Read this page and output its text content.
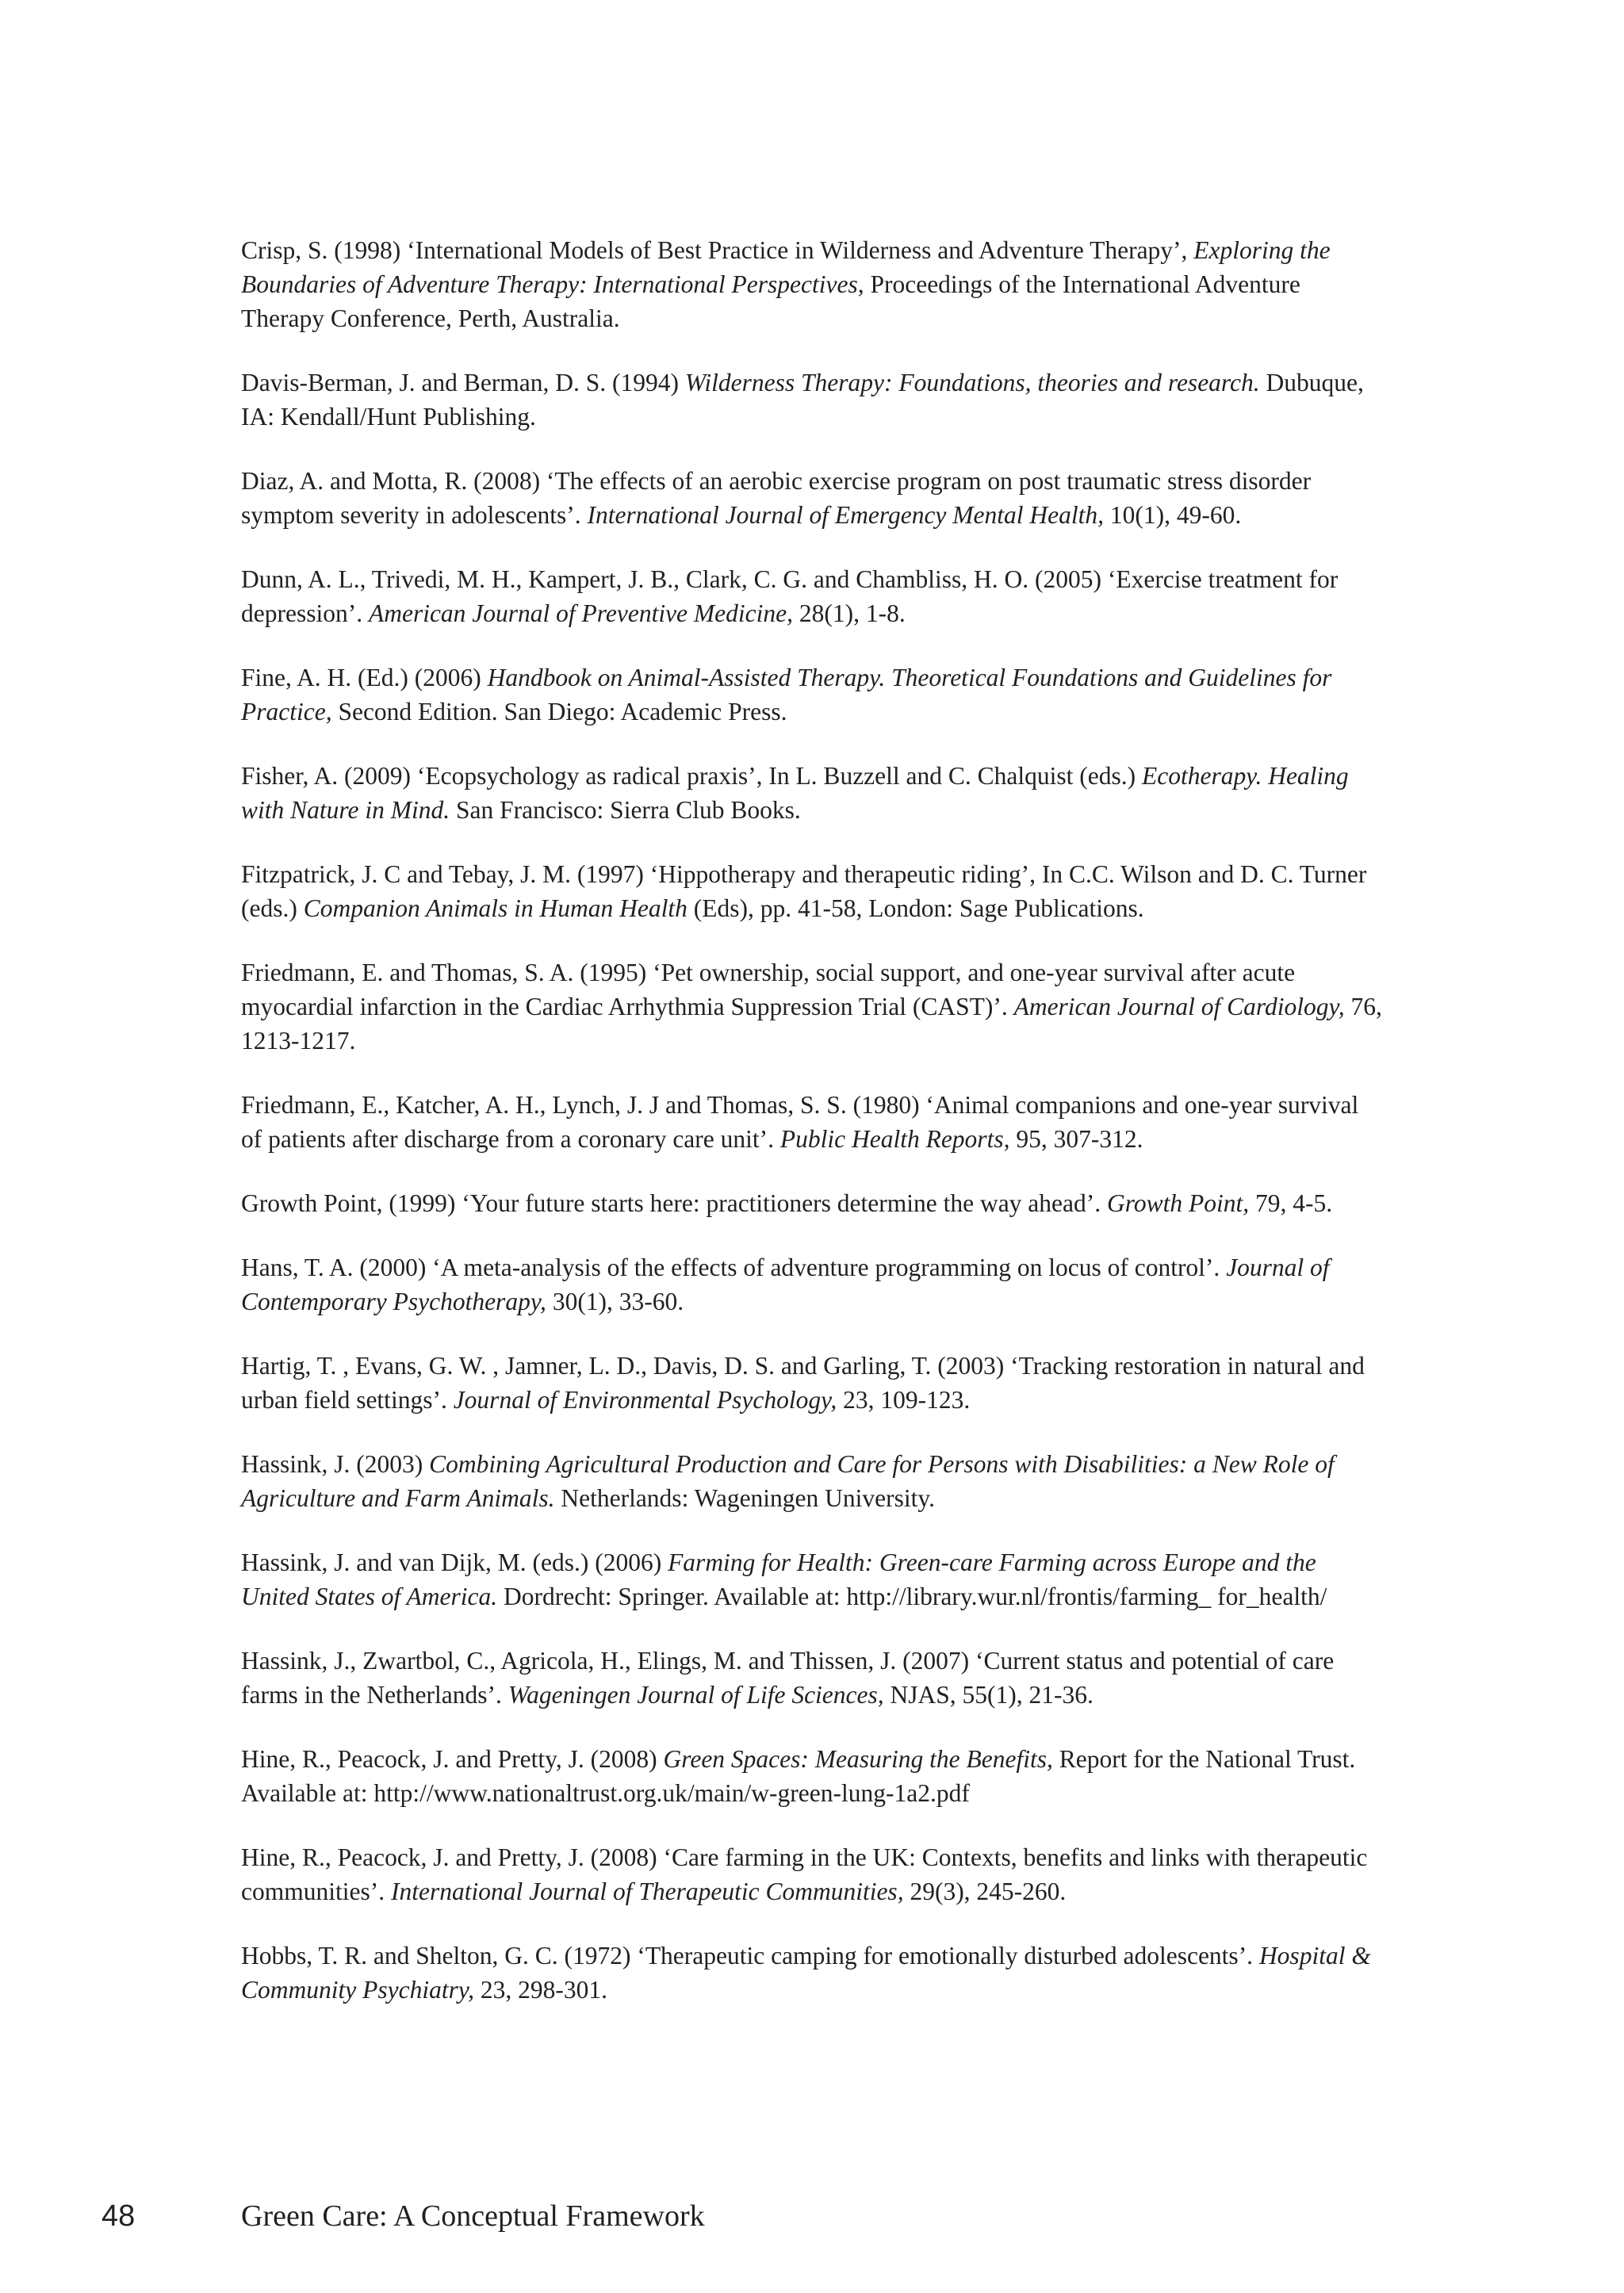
Crisp, S. (1998) ‘International Models of Best Practice in Wilderness and Adventure Therapy’, Exploring the Boundaries of Adventure Therapy: International Perspectives, Proceedings of the International Adventure Therapy Conference, Perth, Australia.
Davis-Berman, J. and Berman, D. S. (1994) Wilderness Therapy: Foundations, theories and research. Dubuque, IA: Kendall/Hunt Publishing.
Diaz, A. and Motta, R. (2008) ‘The effects of an aerobic exercise program on post traumatic stress disorder symptom severity in adolescents’. International Journal of Emergency Mental Health, 10(1), 49-60.
Dunn, A. L., Trivedi, M. H., Kampert, J. B., Clark, C. G. and Chambliss, H. O. (2005) ‘Exercise treatment for depression’. American Journal of Preventive Medicine, 28(1), 1-8.
Fine, A. H. (Ed.) (2006) Handbook on Animal-Assisted Therapy. Theoretical Foundations and Guidelines for Practice, Second Edition. San Diego: Academic Press.
Fisher, A. (2009) ‘Ecopsychology as radical praxis’, In L. Buzzell and C. Chalquist (eds.) Ecotherapy. Healing with Nature in Mind. San Francisco: Sierra Club Books.
Fitzpatrick, J. C and Tebay, J. M. (1997) ‘Hippotherapy and therapeutic riding’, In C.C. Wilson and D. C. Turner (eds.) Companion Animals in Human Health (Eds), pp. 41-58, London: Sage Publications.
Friedmann, E. and Thomas, S. A. (1995) ‘Pet ownership, social support, and one-year survival after acute myocardial infarction in the Cardiac Arrhythmia Suppression Trial (CAST)’. American Journal of Cardiology, 76, 1213-1217.
Friedmann, E., Katcher, A. H., Lynch, J. J and Thomas, S. S. (1980) ‘Animal companions and one-year survival of patients after discharge from a coronary care unit’. Public Health Reports, 95, 307-312.
Growth Point, (1999) ‘Your future starts here: practitioners determine the way ahead’. Growth Point, 79, 4-5.
Hans, T. A. (2000) ‘A meta-analysis of the effects of adventure programming on locus of control’. Journal of Contemporary Psychotherapy, 30(1), 33-60.
Hartig, T. , Evans, G. W. , Jamner, L. D., Davis, D. S. and Garling, T. (2003) ‘Tracking restoration in natural and urban field settings’. Journal of Environmental Psychology, 23, 109-123.
Hassink, J. (2003) Combining Agricultural Production and Care for Persons with Disabilities: a New Role of Agriculture and Farm Animals. Netherlands: Wageningen University.
Hassink, J. and van Dijk, M. (eds.) (2006) Farming for Health: Green-care Farming across Europe and the United States of America. Dordrecht: Springer. Available at: http://library.wur.nl/frontis/farming_ for_health/
Hassink, J., Zwartbol, C., Agricola, H., Elings, M. and Thissen, J. (2007) ‘Current status and potential of care farms in the Netherlands’. Wageningen Journal of Life Sciences, NJAS, 55(1), 21-36.
Hine, R., Peacock, J. and Pretty, J. (2008) Green Spaces: Measuring the Benefits, Report for the National Trust. Available at: http://www.nationaltrust.org.uk/main/w-green-lung-1a2.pdf
Hine, R., Peacock, J. and Pretty, J. (2008) ‘Care farming in the UK: Contexts, benefits and links with therapeutic communities’. International Journal of Therapeutic Communities, 29(3), 245-260.
Hobbs, T. R. and Shelton, G. C. (1972) ‘Therapeutic camping for emotionally disturbed adolescents’. Hospital & Community Psychiatry, 23, 298-301.
48	Green Care: A Conceptual Framework
